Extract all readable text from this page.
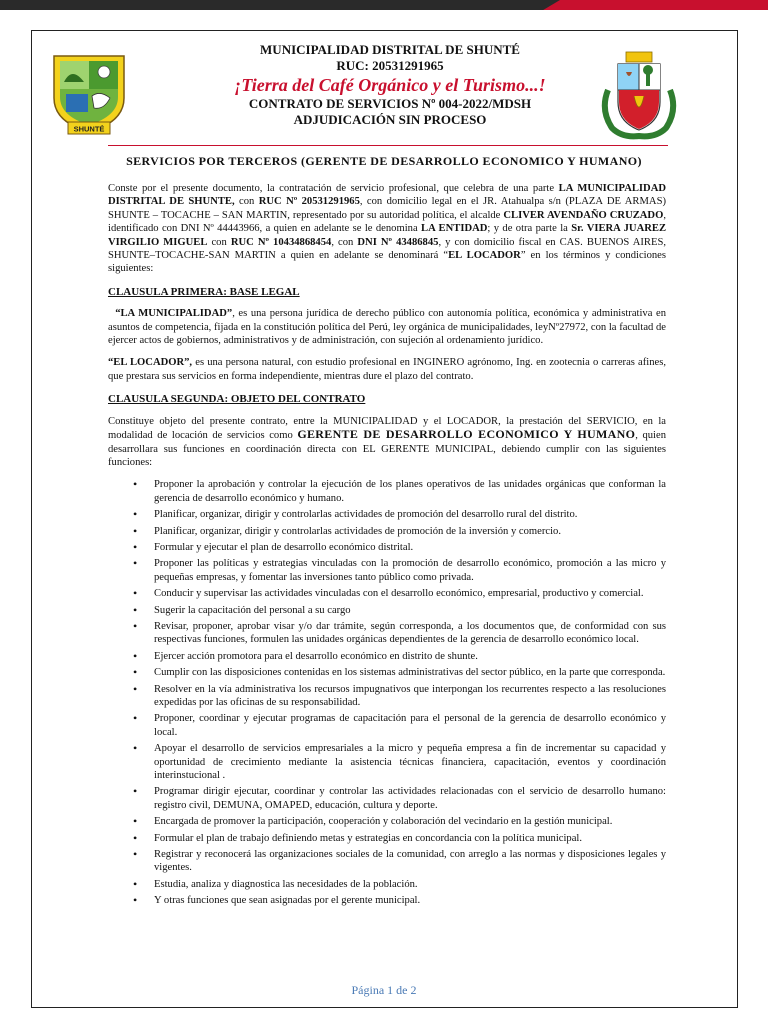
SHUNTÉ
MUNICIPALIDAD DISTRITAL DE SHUNTÉ
RUC: 20531291965
¡Tierra del Café Orgánico y el Turismo...!
CONTRATO DE SERVICIOS Nº 004-2022/MDSH
ADJUDICACIÓN SIN PROCESO
SERVICIOS POR TERCEROS (GERENTE DE DESARROLLO ECONOMICO Y HUMANO)

Conste por el presente documento, la contratación de servicio profesional, que celebra de una parte LA MUNICIPALIDAD DISTRITAL DE SHUNTE, con RUC Nº 20531291965, con domicilio legal en el JR. Atahualpa s/n (PLAZA DE ARMAS) SHUNTE – TOCACHE – SAN MARTIN, representado por su autoridad política, el alcalde CLIVER AVENDAÑO CRUZADO, identificado con DNI Nº 44443966, a quien en adelante se le denomina LA ENTIDAD; y de otra parte la Sr. VIERA JUAREZ VIRGILIO MIGUEL con RUC Nº 10434868454, con DNI Nº 43486845, y con domicilio fiscal en CAS. BUENOS AIRES, SHUNTE–TOCACHE-SAN MARTIN a quien en adelante se denominará “EL LOCADOR” en los términos y condiciones siguientes:

CLAUSULA PRIMERA: BASE LEGAL

“LA MUNICIPALIDAD”, es una persona jurídica de derecho público con autonomía política, económica y administrativa en asuntos de competencia, fijada en la constitución política del Perú, ley orgánica de municipalidades, leyNº27972, con la facultad de ejercer actos de gobiernos, administrativos y de administración, con sujeción al ordenamiento jurídico.

“EL LOCADOR”, es una persona natural, con estudio profesional en INGINERO agrónomo, Ing. en zootecnia o carreras afines, que prestara sus servicios en forma independiente, mientras dure el plazo del contrato.

CLAUSULA SEGUNDA: OBJETO DEL CONTRATO

Constituye objeto del presente contrato, entre la MUNICIPALIDAD y el LOCADOR, la prestación del SERVICIO, en la modalidad de locación de servicios como GERENTE DE DESARROLLO ECONOMICO Y HUMANO, quien desarrollara sus funciones en coordinación directa con EL GERENTE MUNICIPAL, debiendo cumplir con las siguientes funciones:

• Proponer la aprobación y controlar la ejecución de los planes operativos de las unidades orgánicas que conforman la gerencia de desarrollo económico y humano.
• Planificar, organizar, dirigir y controlarlas actividades de promoción del desarrollo rural del distrito.
• Planificar, organizar, dirigir y controlarlas actividades de promoción de la inversión y comercio.
• Formular y ejecutar el plan de desarrollo económico distrital.
• Proponer las políticas y estrategias vinculadas con la promoción de desarrollo económico, promoción a las micro y pequeñas empresas, y fomentar las inversiones tanto público como privada.
• Conducir y supervisar las actividades vinculadas con el desarrollo económico, empresarial, productivo y comercial.
• Sugerir la capacitación del personal a su cargo
• Revisar, proponer, aprobar visar y/o dar trámite, según corresponda, a los documentos que, de conformidad con sus respectivas funciones, formulen las unidades orgánicas dependientes de la gerencia de desarrollo económico local.
• Ejercer acción promotora para el desarrollo económico en distrito de shunte.
• Cumplir con las disposiciones contenidas en los sistemas administrativas del sector público, en la parte que corresponda.
• Resolver en la vía administrativa los recursos impugnativos que interpongan los recurrentes respecto a las resoluciones expedidas por las oficinas de su responsabilidad.
• Proponer, coordinar y ejecutar programas de capacitación para el personal de la gerencia de desarrollo económico y local.
• Apoyar el desarrollo de servicios empresariales a la micro y pequeña empresa a fin de incrementar su capacidad y oportunidad de crecimiento mediante la asistencia técnicas financiera, capacitación, eventos y coordinación interinstucional .
• Programar dirigir ejecutar, coordinar y controlar las actividades relacionadas con el servicio de desarrollo humano: registro civil, DEMUNA, OMAPED, educación, cultura y deporte.
• Encargada de promover la participación, cooperación y colaboración del vecindario en la gestión municipal.
• Formular el plan de trabajo definiendo metas y estrategias en concordancia con la política municipal.
• Registrar y reconocerá las organizaciones sociales de la comunidad, con arreglo a las normas y disposiciones legales y vigentes.
• Estudia, analiza y diagnostica las necesidades de la población.
• Y otras funciones que sean asignadas por el gerente municipal.
Página 1 de 2
